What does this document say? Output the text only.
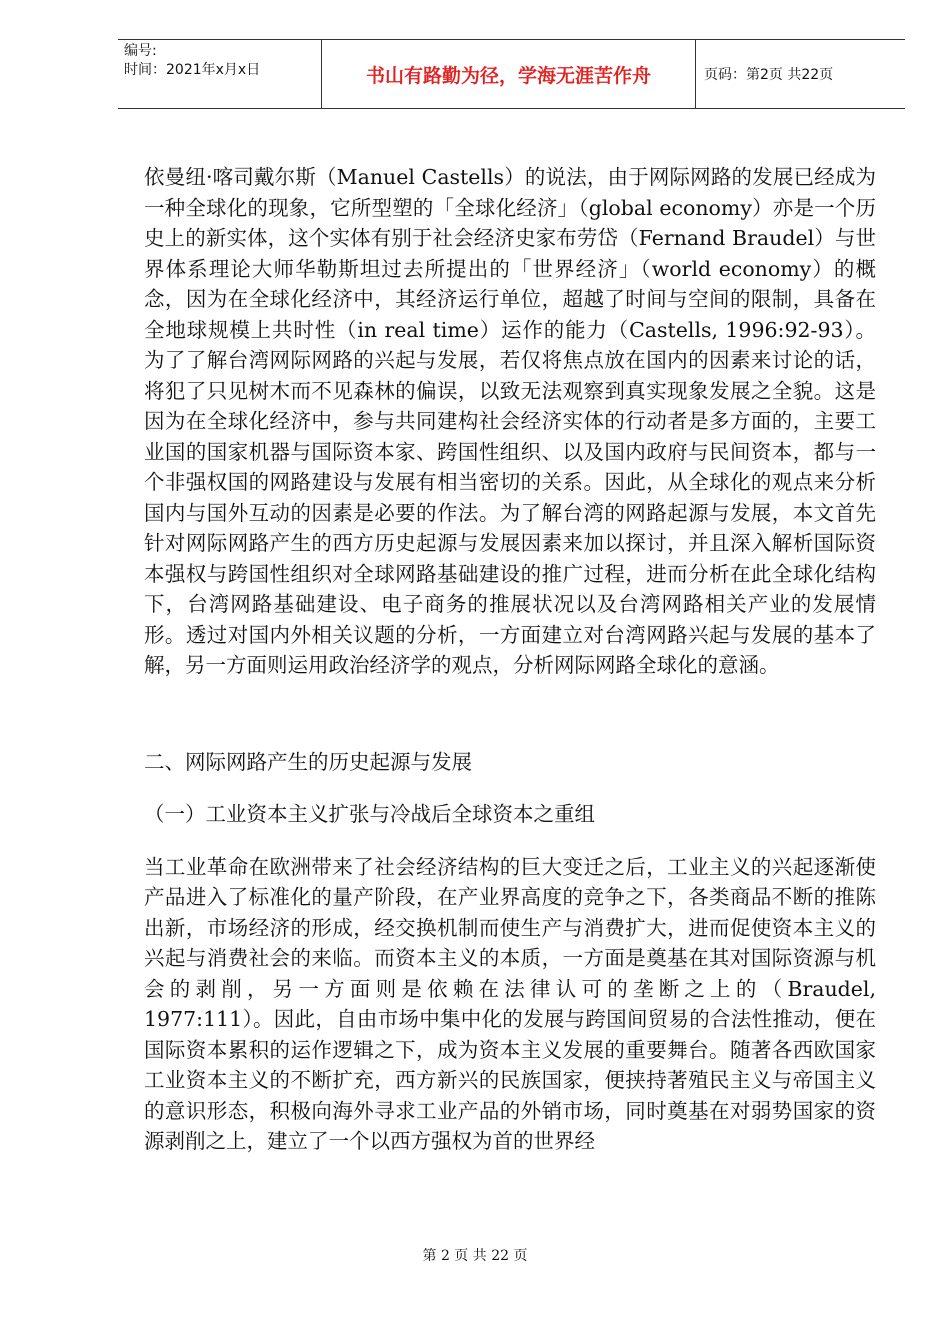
编号:
时间：2021年x月x日	书山有路勤为径，学海无涯苦作舟	页码：第2页 共22页

依曼纽·喀司戴尔斯（Manuel Castells）的说法，由于网际网路的发展已经成为一种全球化的现象，它所型塑的「全球化经济」（global economy）亦是一个历史上的新实体，这个实体有别于社会经济史家布劳岱（Fernand Braudel）与世界体系理论大师华勒斯坦过去所提出的「世界经济」（world economy）的概念，因为在全球化经济中，其经济运行单位，超越了时间与空间的限制，具备在全地球规模上共时性（in real time）运作的能力（Castells, 1996:92-93）。为了了解台湾网际网路的兴起与发展，若仅将焦点放在国内的因素来讨论的话，将犯了只见树木而不见森林的偏误，以致无法观察到真实现象发展之全貌。这是因为在全球化经济中，参与共同建构社会经济实体的行动者是多方面的，主要工业国的国家机器与国际资本家、跨国性组织、以及国内政府与民间资本，都与一个非强权国的网路建设与发展有相当密切的关系。因此，从全球化的观点来分析国内与国外互动的因素是必要的作法。为了解台湾的网路起源与发展，本文首先针对网际网路产生的西方历史起源与发展因素来加以探讨，并且深入解析国际资本强权与跨国性组织对全球网路基础建设的推广过程，进而分析在此全球化结构下，台湾网路基础建设、电子商务的推展状况以及台湾网路相关产业的发展情形。透过对国内外相关议题的分析，一方面建立对台湾网路兴起与发展的基本了解，另一方面则运用政治经济学的观点，分析网际网路全球化的意涵。

二、网际网路产生的历史起源与发展

（一）工业资本主义扩张与冷战后全球资本之重组

当工业革命在欧洲带来了社会经济结构的巨大变迁之后，工业主义的兴起逐渐使产品进入了标准化的量产阶段，在产业界高度的竞争之下，各类商品不断的推陈出新，市场经济的形成，经交换机制而使生产与消费扩大，进而促使资本主义的兴起与消费社会的来临。而资本主义的本质，一方面是奠基在其对国际资源与机会的剥削，另一方面则是依赖在法律认可的垄断之上的（Braudel, 1977:111）。因此，自由市场中集中化的发展与跨国间贸易的合法性推动，便在国际资本累积的运作逻辑之下，成为资本主义发展的重要舞台。随著各西欧国家工业资本主义的不断扩充，西方新兴的民族国家，便挟持著殖民主义与帝国主义的意识形态，积极向海外寻求工业产品的外销市场，同时奠基在对弱势国家的资源剥削之上，建立了一个以西方强权为首的世界经

第 2 页 共 22 页
